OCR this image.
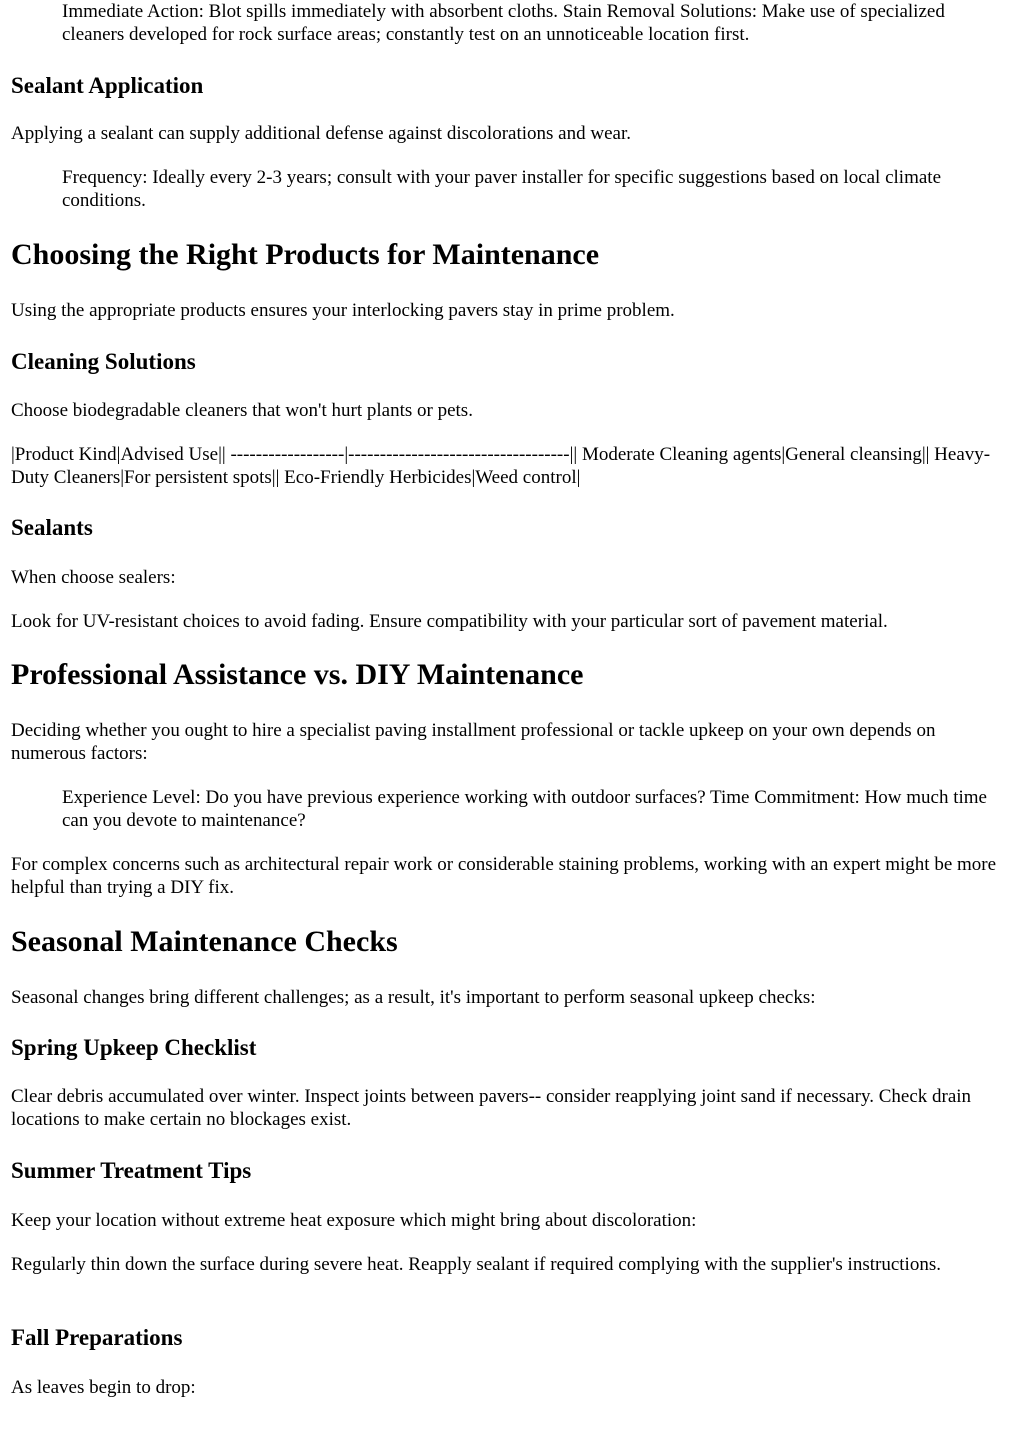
Immediate Action: Blot spills immediately with absorbent cloths. Stain Removal Solutions: Make use of specialized cleaners developed for rock surface areas; constantly test on an unnoticeable location first.

Sealant Application

Applying a sealant can supply additional defense against discolorations and wear.

Frequency: Ideally every 2-3 years; consult with your paver installer for specific suggestions based on local climate conditions.

Choosing the Right Products for Maintenance

Using the appropriate products ensures your interlocking pavers stay in prime problem.

Cleaning Solutions

Choose biodegradable cleaners that won't hurt plants or pets.

|Product Kind|Advised Use|| ------------------|-----------------------------------|| Moderate Cleaning agents|General cleansing|| Heavy-Duty Cleaners|For persistent spots|| Eco-Friendly Herbicides|Weed control|

Sealants

When choose sealers:

Look for UV-resistant choices to avoid fading. Ensure compatibility with your particular sort of pavement material.

Professional Assistance vs. DIY Maintenance

Deciding whether you ought to hire a specialist paving installment professional or tackle upkeep on your own depends on numerous factors:

Experience Level: Do you have previous experience working with outdoor surfaces? Time Commitment: How much time can you devote to maintenance?

For complex concerns such as architectural repair work or considerable staining problems, working with an expert might be more helpful than trying a DIY fix.

Seasonal Maintenance Checks

Seasonal changes bring different challenges; as a result, it's important to perform seasonal upkeep checks:

Spring Upkeep Checklist

Clear debris accumulated over winter. Inspect joints between pavers-- consider reapplying joint sand if necessary. Check drain locations to make certain no blockages exist.

Summer Treatment Tips

Keep your location without extreme heat exposure which might bring about discoloration:

Regularly thin down the surface during severe heat. Reapply sealant if required complying with the supplier's instructions.

Fall Preparations

As leaves begin to drop:
